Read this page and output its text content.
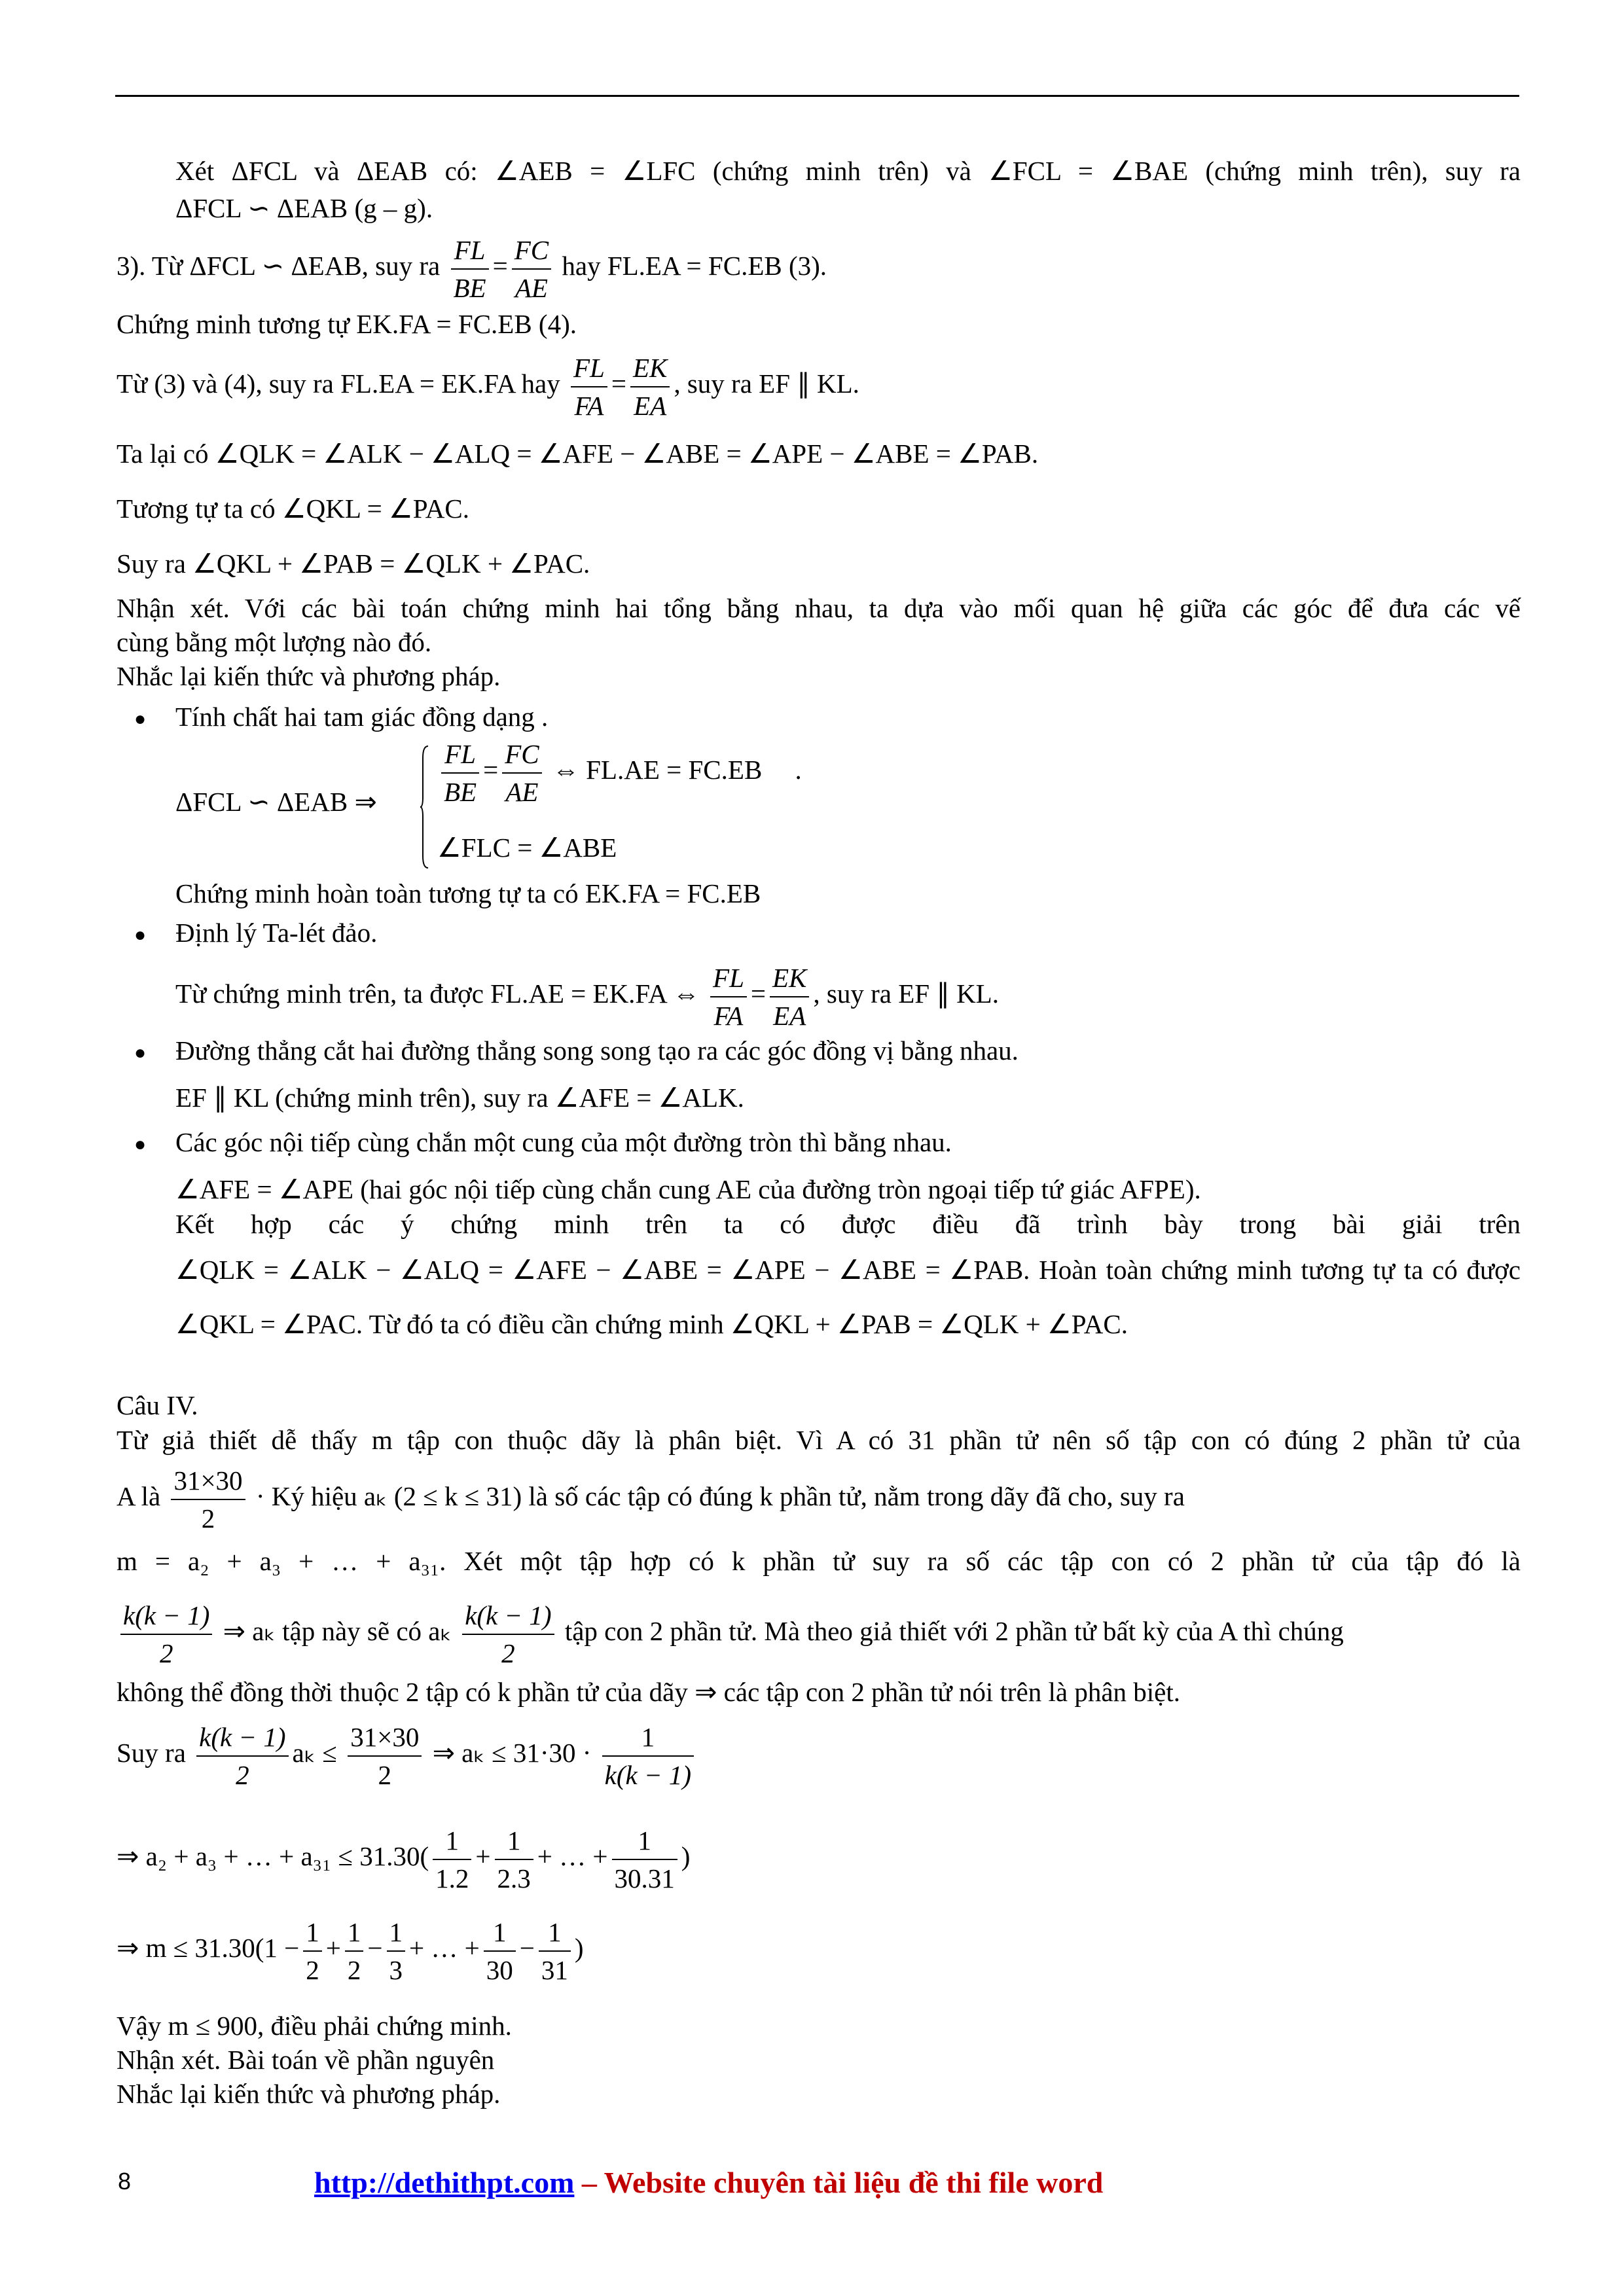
Xét ΔFCL và ΔEAB có: ∠AEB = ∠LFC (chứng minh trên) và ∠FCL = ∠BAE (chứng minh trên), suy ra
ΔFCL ∽ ΔEAB (g – g).
3). Từ ΔFCL ∽ ΔEAB, suy ra $\frac{FL}{BE} = \frac{FC}{AE}$ hay FL.EA = FC.EB (3).
Chứng minh tương tự EK.FA = FC.EB (4).
Từ (3) và (4), suy ra FL.EA = EK.FA hay $\frac{FL}{FA} = \frac{EK}{EA}$ , suy ra EF ∥ KL.
Ta lại có ∠QLK = ∠ALK − ∠ALQ = ∠AFE − ∠ABE = ∠APE − ∠ABE = ∠PAB.
Tương tự ta có ∠QKL = ∠PAC.
Suy ra ∠QKL + ∠PAB = ∠QLK + ∠PAC.
Nhận xét. Với các bài toán chứng minh hai tổng bằng nhau, ta dựa vào mối quan hệ giữa các góc để đưa các vế
cùng bằng một lượng nào đó.
Nhắc lại kiến thức và phương pháp.
● Tính chất hai tam giác đồng dạng .
ΔFCL ∽ ΔEAB ⇒	$\frac{FL}{BE} = \frac{FC}{AE}$ ⇔ FL.AE = FC.EB .
∠FLC = ∠ABE
Chứng minh hoàn toàn tương tự ta có EK.FA = FC.EB
● Định lý Ta-lét đảo.
Từ chứng minh trên, ta được FL.AE = EK.FA ⇔ $\frac{FL}{FA} = \frac{EK}{EA}$ , suy ra EF ∥ KL.
● Đường thẳng cắt hai đường thẳng song song tạo ra các góc đồng vị bằng nhau.
EF ∥ KL (chứng minh trên), suy ra ∠AFE = ∠ALK.
● Các góc nội tiếp cùng chắn một cung của một đường tròn thì bằng nhau.
∠AFE = ∠APE (hai góc nội tiếp cùng chắn cung AE của đường tròn ngoại tiếp tứ giác AFPE).
Kết hợp các ý chứng minh trên ta có được điều đã trình bày trong bài giải trên
∠QLK = ∠ALK − ∠ALQ = ∠AFE − ∠ABE = ∠APE − ∠ABE = ∠PAB. Hoàn toàn chứng minh tương tự ta có được
∠QKL = ∠PAC. Từ đó ta có điều cần chứng minh ∠QKL + ∠PAB = ∠QLK + ∠PAC.
Câu IV.
Từ giả thiết dễ thấy m tập con thuộc dãy là phân biệt. Vì A có 31 phần tử nên số tập con có đúng 2 phần tử của
A là $\frac{31\times 30}{2}$ · Ký hiệu aₖ (2 ≤ k ≤ 31) là số các tập có đúng k phần tử, nằm trong dãy đã cho, suy ra
m = a₂ + a₃ + … + a₃₁. Xét một tập hợp có k phần tử suy ra số các tập con có 2 phần tử của tập đó là
$\frac{k(k - 1)}{2}$ ⇒ aₖ tập này sẽ có aₖ $\frac{k(k - 1)}{2}$ tập con 2 phần tử. Mà theo giả thiết với 2 phần tử bất kỳ của A thì chúng
không thể đồng thời thuộc 2 tập có k phần tử của dãy ⇒ các tập con 2 phần tử nói trên là phân biệt.
Suy ra $\frac{k(k - 1)}{2}$ $a_k \le \frac{31\times 30}{2}$ ⇒ $a_k \le 31\cdot 30 \cdot \frac{1}{k(k - 1)}$
⇒ a₂ + a₃ + … + $a_{31} \le 31.30( \frac{1}{1.2} + \frac{1}{2.3}$ + … + $\frac{1}{30.31}$ )
⇒ $m \le 31.30(1 - \frac{1}{2} + \frac{1}{2} - \frac{1}{3}$ + … + $\frac{1}{30} - \frac{1}{31}$ )
Vậy m ≤ 900, điều phải chứng minh.
Nhận xét. Bài toán về phần nguyên
Nhắc lại kiến thức và phương pháp.
8	http://dethithpt.com – Website chuyên tài liệu đề thi file word
